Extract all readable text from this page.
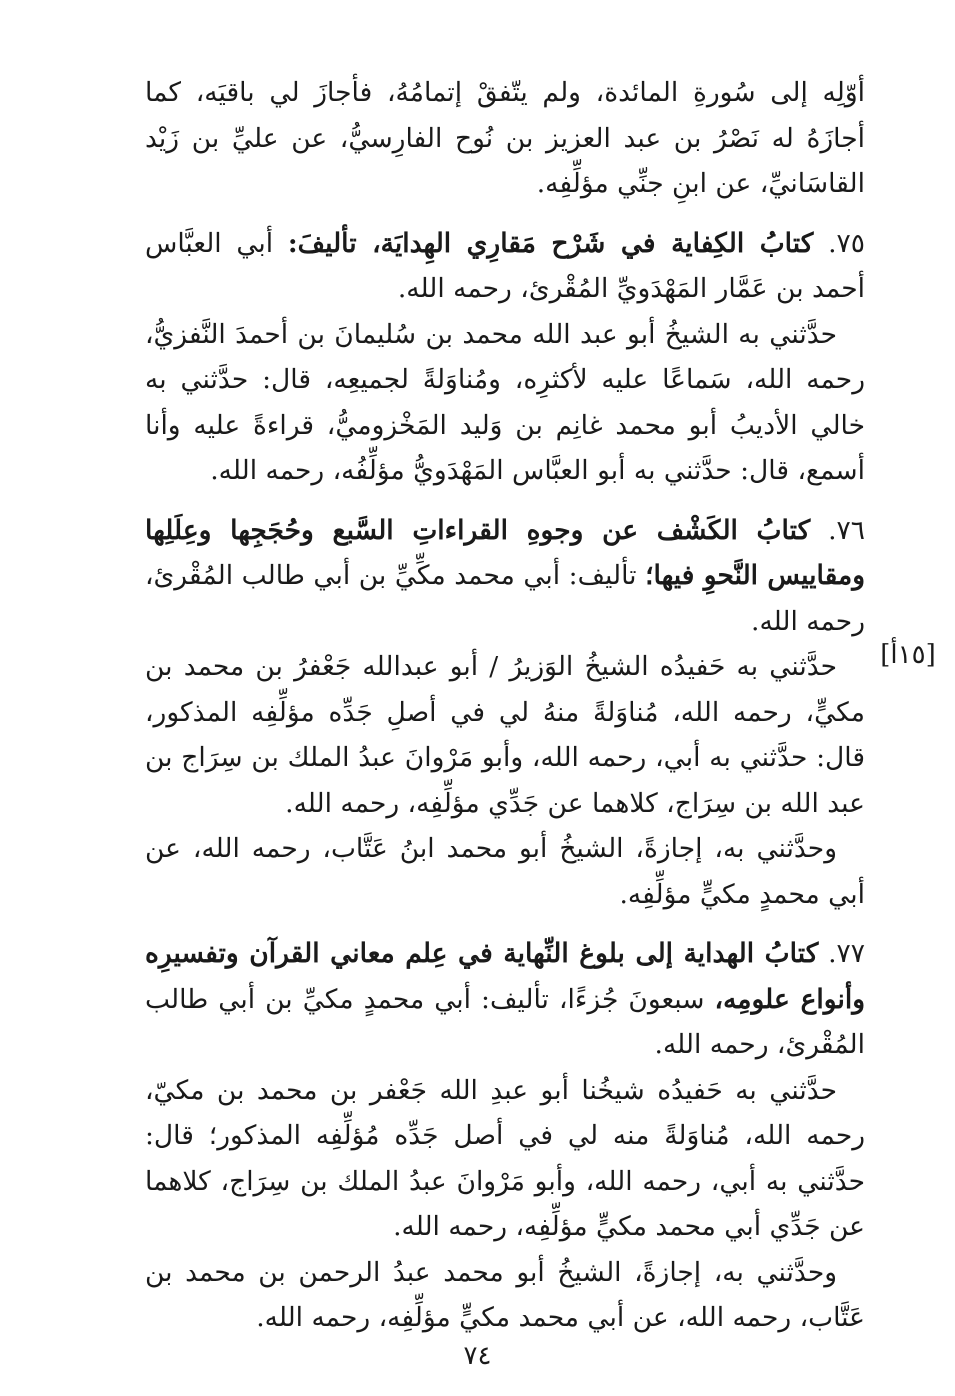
أوّلِه إلى سُورةِ المائدة، ولم يتّفقْ إتمامُهُ، فأجازَ لي باقيَه، كما أجازَهُ له نَصْرُ بن عبد العزيز بن نُوح الفارِسيُّ، عن عليِّ بن زَيْد القاسَانيِّ، عن ابنِ جنِّي مؤلِّفِه.

٧٥. كتابُ الكِفاية في شَرْح مَقارِي الهِدايَة، تأليفَ: أبي العبَّاس أحمد بن عَمَّار المَهْدَويِّ المُقْرئ، رحمه الله.

حدَّثني به الشيخُ أبو عبد الله محمد بن سُليمانَ بن أحمدَ النَّفزيُّ، رحمه الله، سَماعًا عليه لأكثرِه، ومُناوَلةً لجميعِه، قال: حدَّثني به خالي الأديبُ أبو محمد غانِم بن وَليد المَخْزوميُّ، قراءةً عليه وأنا أسمع، قال: حدَّثني به أبو العبَّاس المَهْدَويُّ مؤلِّفُه، رحمه الله.

٧٦. كتابُ الكَشْف عن وجوهِ القراءاتِ السَّبع وحُجَجِها وعِلَلِها ومقاييس النَّحوِ فيها؛ تأليف: أبي محمد مكِّيِّ بن أبي طالب المُقْرئ، رحمه الله.

حدَّثني به حَفيدُه الشيخُ الوَزيرُ / أبو عبدالله جَعْفرُ بن محمد بن مكيٍّ، رحمه الله، مُناوَلةً منهُ لي في أصلِ جَدِّه مؤلِّفِه المذكور، قال: حدَّثني به أبي، رحمه الله، وأبو مَرْوانَ عبدُ الملك بن سِرَاج بن عبد الله بن سِرَاج، كلاهما عن جَدِّي مؤلِّفِه، رحمه الله.

وحدَّثني به، إجازةً، الشيخُ أبو محمد ابنُ عَتَّاب، رحمه الله، عن أبي محمدٍ مكيٍّ مؤلِّفِه.

٧٧. كتابُ الهداية إلى بلوغ النِّهاية في عِلم معاني القرآن وتفسيرِه وأنواع علومِه، سبعونَ جُزءًا، تأليف: أبي محمدٍ مكيِّ بن أبي طالب المُقْرئ، رحمه الله.

حدَّثني به حَفيدُه شيخُنا أبو عبدِ الله جَعْفر بن محمد بن مكيّ، رحمه الله، مُناوَلةً منه لي في أصل جَدِّه مُؤلِّفِه المذكور؛ قال: حدَّثني به أبي، رحمه الله، وأبو مَرْوانَ عبدُ الملك بن سِرَاج، كلاهما عن جَدِّي أبي محمد مكيٍّ مؤلِّفِه، رحمه الله.

وحدَّثني به، إجازةً، الشيخُ أبو محمد عبدُ الرحمن بن محمد بن عَتَّاب، رحمه الله، عن أبي محمد مكيٍّ مؤلِّفِه، رحمه الله.

[١٥أ]
٧٤
